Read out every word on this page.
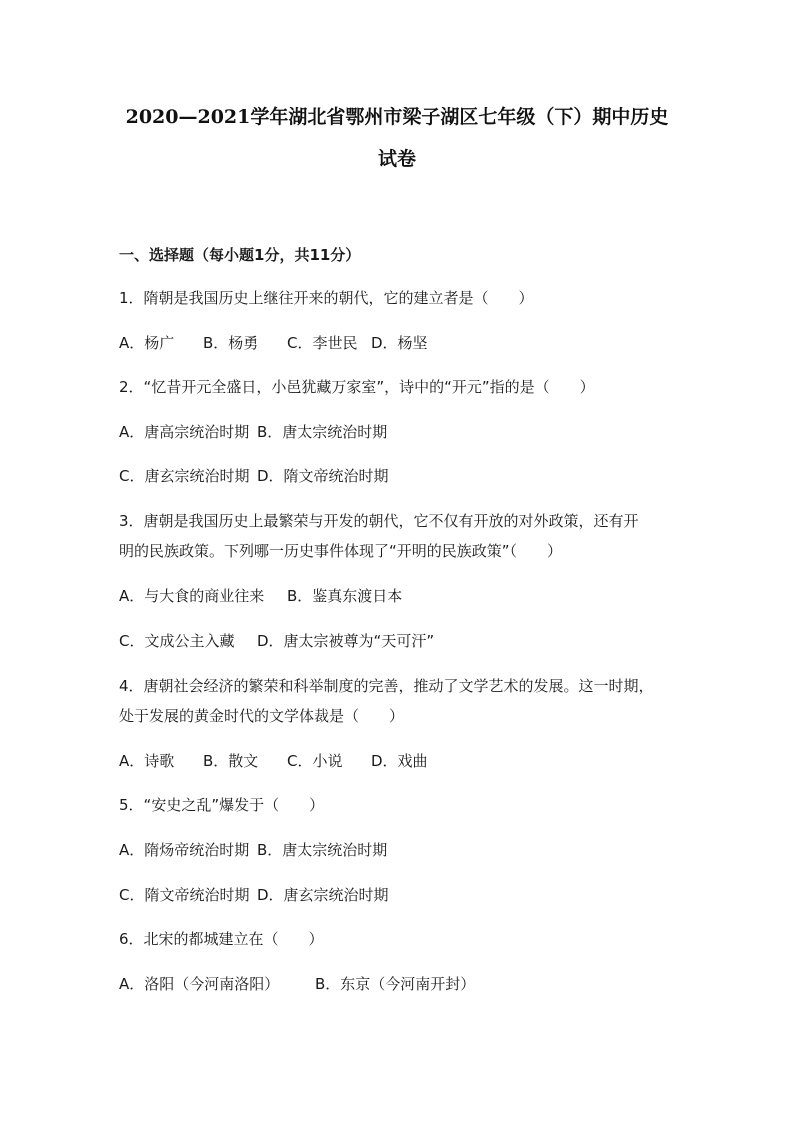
2020—2021学年湖北省鄂州市梁子湖区七年级（下）期中历史
试卷
一、选择题（每小题1分，共11分）
1．隋朝是我国历史上继往开来的朝代，它的建立者是（　　）
A．杨广 B．杨勇 C．李世民 D．杨坚
2．“忆昔开元全盛日，小邑犹藏万家室”，诗中的“开元”指的是（　　）
A．唐高宗统治时期 B．唐太宗统治时期
C．唐玄宗统治时期 D．隋文帝统治时期
3．唐朝是我国历史上最繁荣与开发的朝代，它不仅有开放的对外政策，还有开
明的民族政策。下列哪一历史事件体现了“开明的民族政策”（　　）
A．与大食的商业往来 B．鉴真东渡日本
C．文成公主入藏 D．唐太宗被尊为“天可汗”
4．唐朝社会经济的繁荣和科举制度的完善，推动了文学艺术的发展。这一时期，
处于发展的黄金时代的文学体裁是（　　）
A．诗歌 B．散文 C．小说 D．戏曲
5．“安史之乱”爆发于（　　）
A．隋炀帝统治时期 B．唐太宗统治时期
C．隋文帝统治时期 D．唐玄宗统治时期
6．北宋的都城建立在（　　）
A．洛阳（今河南洛阳） B．东京（今河南开封）
